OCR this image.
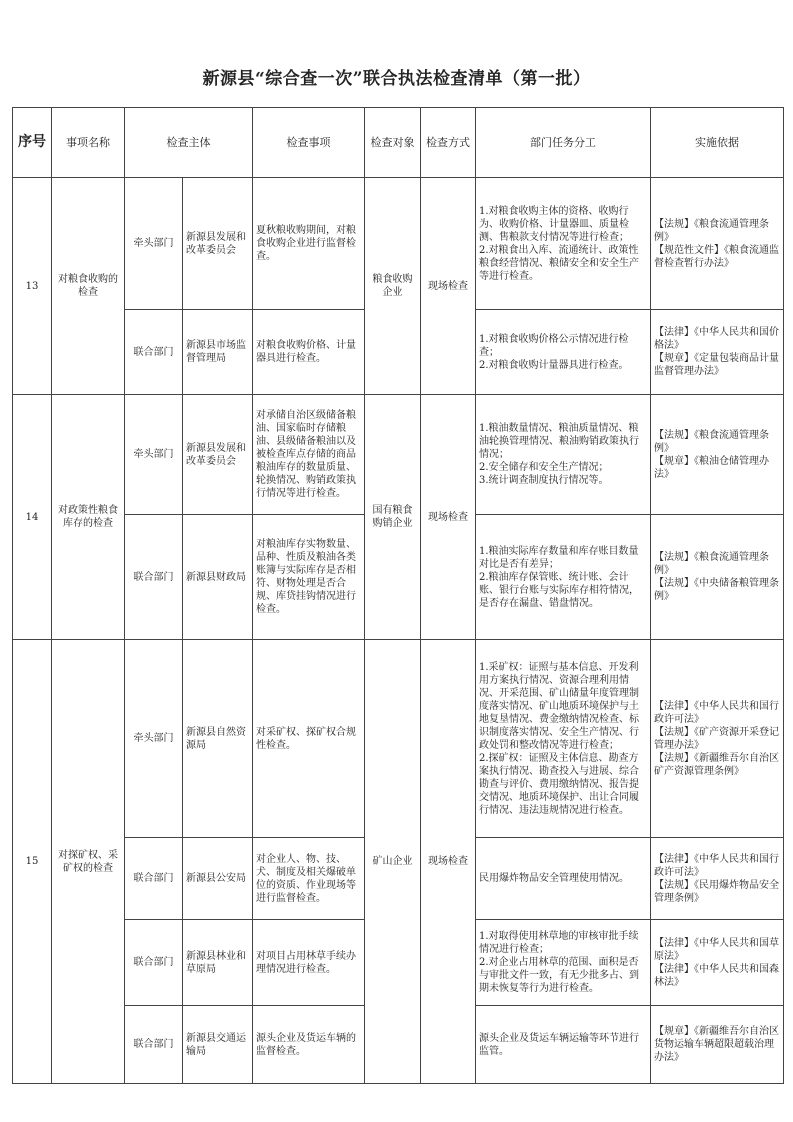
新源县“综合查一次”联合执法检查清单（第一批）
序号	事项名称	检查主体		检查事项	检查对象	检查方式	部门任务分工	实施依据
13	对粮食收购的检查	牵头部门	新源县发展和改革委员会	夏秋粮收购期间，对粮食收购企业进行监督检查。	粮食收购企业	现场检查	1.对粮食收购主体的资格、收购行为、收购价格、计量器皿、质量检测、售粮款支付情况等进行检查；
2.对粮食出入库、流通统计、政策性粮食经营情况、粮储安全和安全生产等进行检查。	【法规】《粮食流通管理条例》
【规范性文件】《粮食流通监督检查暂行办法》
		联合部门	新源县市场监督管理局	对粮食收购价格、计量器具进行检查。			1.对粮食收购价格公示情况进行检查；
2.对粮食收购计量器具进行检查。	【法律】《中华人民共和国价格法》
【规章】《定量包装商品计量监督管理办法》
14	对政策性粮食库存的检查	牵头部门	新源县发展和改革委员会	对承储自治区级储备粮油、国家临时存储粮油、县级储备粮油以及被检查库点存储的商品粮油库存的数量质量、轮换情况、购销政策执行情况等进行检查。	国有粮食购销企业	现场检查	1.粮油数量情况、粮油质量情况、粮油轮换管理情况、粮油购销政策执行情况；
2.安全储存和安全生产情况；
3.统计调查制度执行情况等。	【法规】《粮食流通管理条例》
【规章】《粮油仓储管理办法》
		联合部门	新源县财政局	对粮油库存实物数量、品种、性质及粮油各类账簿与实际库存是否相符、财物处理是否合规、库贷挂钩情况进行检查。			1.粮油实际库存数量和库存账目数量对比是否有差异；
2.粮油库存保管账、统计账、会计账、银行台账与实际库存相符情况，是否存在漏盘、错盘情况。	【法规】《粮食流通管理条例》
【法规】《中央储备粮管理条例》
15	对探矿权、采矿权的检查	牵头部门	新源县自然资源局	对采矿权、探矿权合规性检查。	矿山企业	现场检查	1.采矿权：证照与基本信息、开发利用方案执行情况、资源合理利用情况、开采范围、矿山储量年度管理制度落实情况、矿山地质环境保护与土地复垦情况、费金缴纳情况检查、标识制度落实情况、安全生产情况、行政处罚和整改情况等进行检查；
2.探矿权：证照及主体信息、勘查方案执行情况、勘查投入与进展、综合勘查与评价、费用缴纳情况、报告提交情况、地质环境保护、出让合同履行情况、违法违规情况进行检查。	【法律】《中华人民共和国行政许可法》
【法规】《矿产资源开采登记管理办法》
【法规】《新疆维吾尔自治区矿产资源管理条例》
		联合部门	新源县公安局	对企业人、物、技、犬、制度及相关爆破单位的资质、作业现场等进行监督检查。			民用爆炸物品安全管理使用情况。	【法律】《中华人民共和国行政许可法》
【法规】《民用爆炸物品安全管理条例》
		联合部门	新源县林业和草原局	对项目占用林草手续办理情况进行检查。			1.对取得使用林草地的审核审批手续情况进行检查；
2.对企业占用林草的范围、面积是否与审批文件一致，有无少批多占、到期未恢复等行为进行检查。	【法律】《中华人民共和国草原法》
【法律】《中华人民共和国森林法》
		联合部门	新源县交通运输局	源头企业及货运车辆的监督检查。			源头企业及货运车辆运输等环节进行监管。	【规章】《新疆维吾尔自治区货物运输车辆超限超载治理办法》
